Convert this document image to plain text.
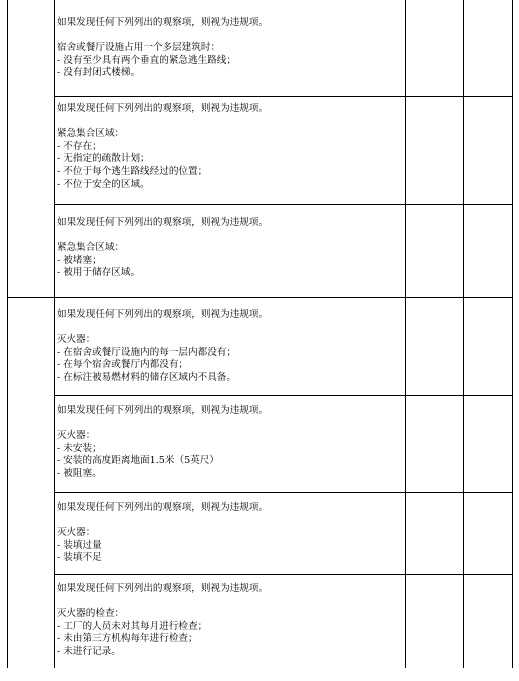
如果发现任何下列列出的观察项，则视为违规项。

宿舍或餐厅设施占用一个多层建筑时：

- 没有至少具有两个垂直的紧急逃生路线；

- 没有封闭式楼梯。

如果发现任何下列列出的观察项，则视为违规项。

紧急集合区域：

- 不存在；

- 无指定的疏散计划；

- 不位于每个逃生路线经过的位置；

- 不位于安全的区域。

如果发现任何下列列出的观察项，则视为违规项。

紧急集合区域：

- 被堵塞；

- 被用于储存区域。

如果发现任何下列列出的观察项，则视为违规项。

灭火器：

- 在宿舍或餐厅设施内的每一层内都没有；

- 在每个宿舍或餐厅内都没有；

- 在标注被易燃材料的储存区域内不具备。

如果发现任何下列列出的观察项，则视为违规项。

灭火器：

- 未安装；

- 安装的高度距离地面1.5米（5英尺）

- 被阻塞。

如果发现任何下列列出的观察项，则视为违规项。

灭火器：

- 装填过量

- 装填不足

如果发现任何下列列出的观察项，则视为违规项。

灭火器的检查：

- 工厂的人员未对其每月进行检查；

- 未由第三方机构每年进行检查；

- 未进行记录。
